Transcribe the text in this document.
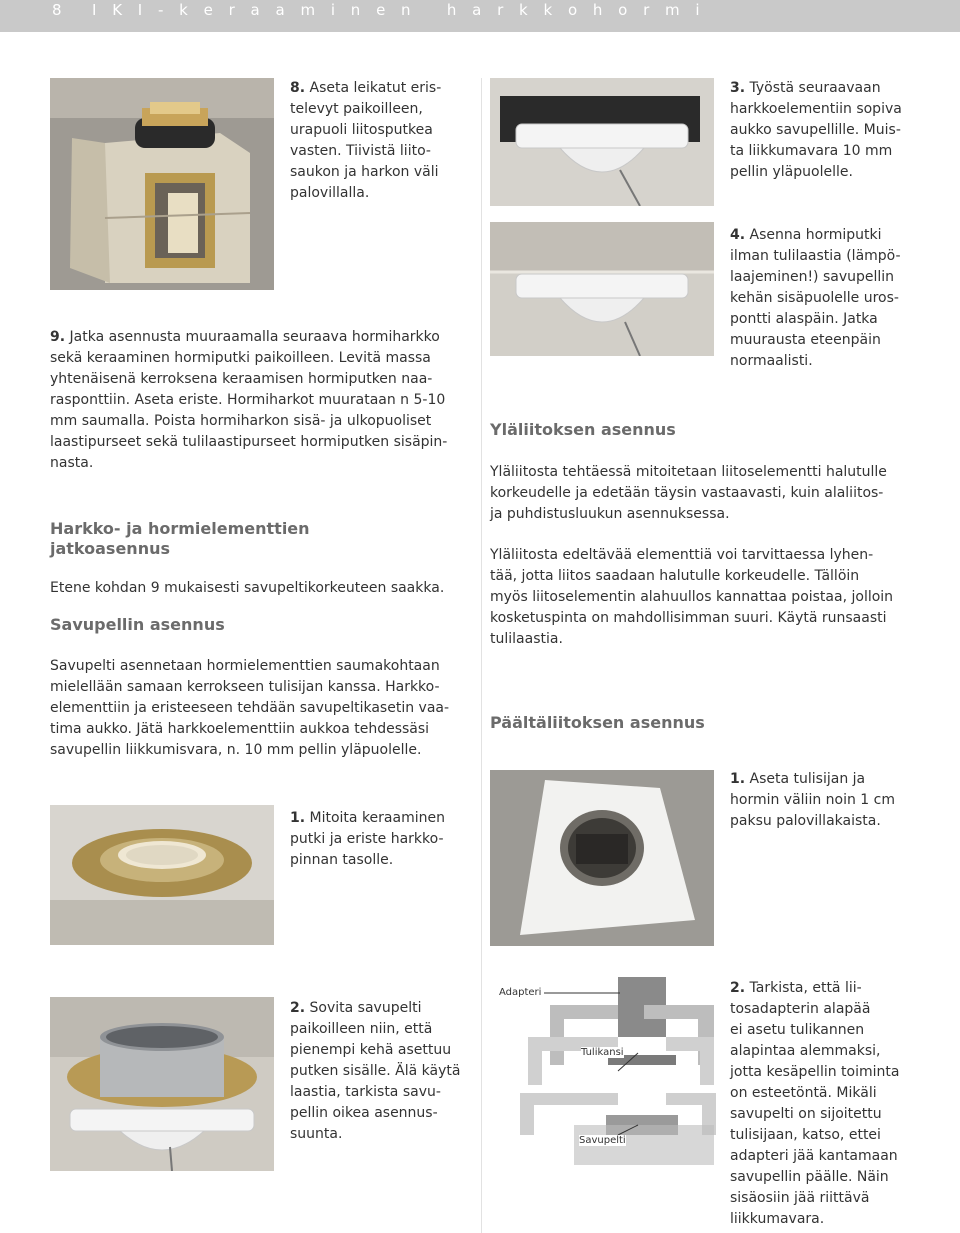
8 I K I - k e r a a m i n e n   h a r k k o h o r m i
8. Aseta leikatut eris-
televyt paikoilleen,
urapuoli liitosputkea
vasten. Tiivistä liito-
saukon ja harkon väli
palovillalla.
9. Jatka asennusta muuraamalla seuraava hormiharkko
sekä keraaminen hormiputki paikoilleen. Levitä massa
yhtenäisenä kerroksena keraamisen hormiputken naa-
rasponttiin. Aseta eriste. Hormiharkot muurataan n 5-10
mm saumalla. Poista hormiharkon sisä- ja ulkopuoliset
laastipurseet sekä tulilaastipurseet hormiputken sisäpin-
nasta.
Harkko- ja hormielementtien
jatkoasennus
Etene kohdan 9 mukaisesti savupeltikorkeuteen saakka.
Savupellin asennus
Savupelti asennetaan hormielementtien saumakohtaan
mielellään samaan kerrokseen tulisijan kanssa. Harkko-
elementtiin ja eristeeseen tehdään savupeltikasetin vaa-
tima aukko. Jätä harkkoelementtiin aukkoa tehdessäsi
savupellin liikkumisvara, n. 10 mm pellin yläpuolelle.
1. Mitoita keraaminen
putki ja eriste harkko-
pinnan tasolle.
2. Sovita savupelti
paikoilleen niin, että
pienempi kehä asettuu
putken sisälle. Älä käytä
laastia, tarkista savu-
pellin oikea asennus-
suunta.
3. Työstä seuraavaan
harkkoelementiin sopiva
aukko savupellille. Muis-
ta liikkumavara 10 mm
pellin yläpuolelle.
4. Asenna hormiputki
ilman tulilaastia (lämpö-
laajeminen!) savupellin
kehän sisäpuolelle uros-
pontti alaspäin. Jatka
muurausta eteenpäin
normaalisti.
Yläliitoksen asennus
Yläliitosta tehtäessä mitoitetaan liitoselementti halutulle
korkeudelle ja edetään täysin vastaavasti, kuin alaliitos-
ja puhdistusluukun asennuksessa.
Yläliitosta edeltävää elementtiä voi tarvittaessa lyhen-
tää, jotta liitos saadaan halutulle korkeudelle. Tällöin
myös liitoselementin alahuullos kannattaa poistaa, jolloin
kosketuspinta on mahdollisimman suuri. Käytä runsaasti
tulilaastia.
Päältäliitoksen asennus
1. Aseta tulisijan ja
hormin väliin noin 1 cm
paksu palovillakaista.
Adapteri
Tulikansi
Savupelti
2. Tarkista, että lii-
tosadapterin alapää
ei asetu tulikannen
alapintaa alemmaksi,
jotta kesäpellin toiminta
on esteetöntä. Mikäli
savupelti on sijoitettu
tulisijaan, katso, ettei
adapteri jää kantamaan
savupellin päälle. Näin
sisäosiin jää riittävä
liikkumavara.
